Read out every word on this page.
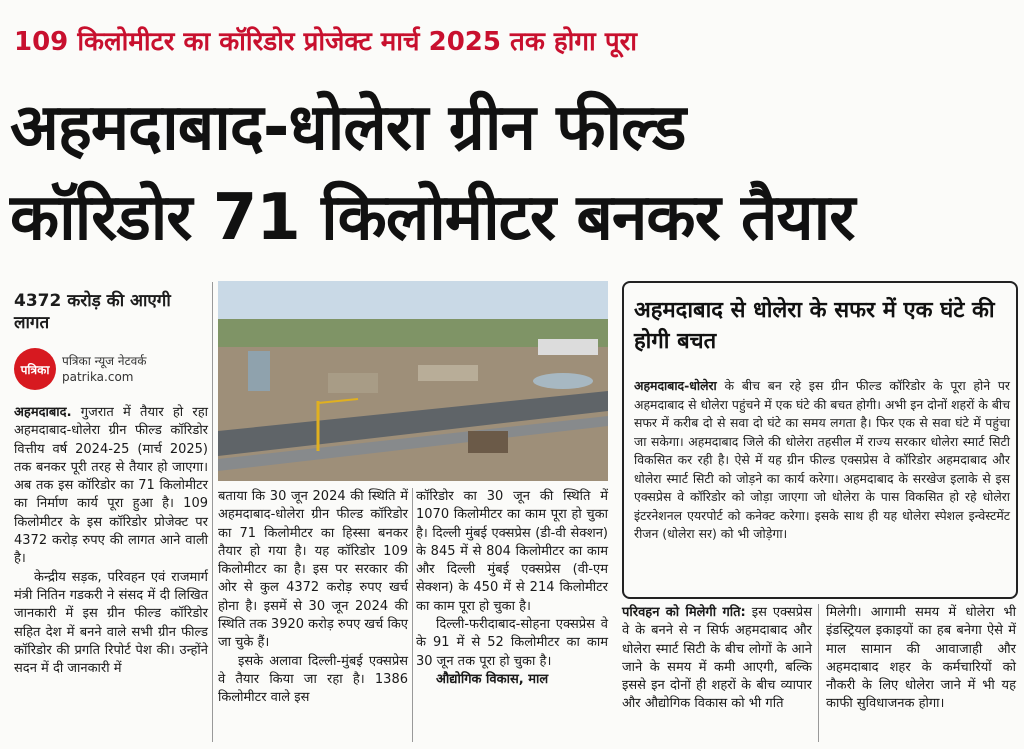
109 किलोमीटर का कॉरिडोर प्रोजेक्ट मार्च 2025 तक होगा पूरा
अहमदाबाद-धोलेरा ग्रीन फील्ड
कॉरिडोर 71 किलोमीटर बनकर तैयार
4372 करोड़ की आएगी लागत
पत्रिका
पत्रिका न्यूज नेटवर्क
patrika.com

अहमदाबाद. गुजरात में तैयार हो रहा अहमदाबाद-धोलेरा ग्रीन फील्ड कॉरिडोर वित्तीय वर्ष 2024-25 (मार्च 2025) तक बनकर पूरी तरह से तैयार हो जाएगा। अब तक इस कॉरिडोर का 71 किलोमीटर का निर्माण कार्य पूरा हुआ है। 109 किलोमीटर के इस कॉरिडोर प्रोजेक्ट पर 4372 करोड़ रुपए की लागत आने वाली है।

केन्द्रीय सड़क, परिवहन एवं राजमार्ग मंत्री नितिन गडकरी ने संसद में दी लिखित जानकारी में इस ग्रीन फील्ड कॉरिडोर सहित देश में बनने वाले सभी ग्रीन फील्ड कॉरिडोर की प्रगति रिपोर्ट पेश की। उन्होंने सदन में दी जानकारी में

बताया कि 30 जून 2024 की स्थिति में अहमदाबाद-धोलेरा ग्रीन फील्ड कॉरिडोर का 71 किलोमीटर का हिस्सा बनकर तैयार हो गया है। यह कॉरिडोर 109 किलोमीटर का है। इस पर सरकार की ओर से कुल 4372 करोड़ रुपए खर्च होना है। इसमें से 30 जून 2024 की स्थिति तक 3920 करोड़ रुपए खर्च किए जा चुके हैं।

इसके अलावा दिल्ली-मुंबई एक्सप्रेस वे तैयार किया जा रहा है। 1386 किलोमीटर वाले इस

कॉरिडोर का 30 जून की स्थिति में 1070 किलोमीटर का काम पूरा हो चुका है। दिल्ली मुंबई एक्सप्रेस (डी-वी सेक्शन) के 845 में से 804 किलोमीटर का काम और दिल्ली मुंबई एक्सप्रेस (वी-एम सेक्शन) के 450 में से 214 किलोमीटर का काम पूरा हो चुका है।

दिल्ली-फरीदाबाद-सोहना एक्सप्रेस वे के 91 में से 52 किलोमीटर का काम 30 जून तक पूरा हो चुका है।

औद्योगिक विकास, माल

अहमदाबाद से धोलेरा के सफर में एक घंटे की होगी बचत

अहमदाबाद-धोलेरा के बीच बन रहे इस ग्रीन फील्ड कॉरिडोर के पूरा होने पर अहमदाबाद से धोलेरा पहुंचने में एक घंटे की बचत होगी। अभी इन दोनों शहरों के बीच सफर में करीब दो से सवा दो घंटे का समय लगता है। फिर एक से सवा घंटे में पहुंचा जा सकेगा। अहमदाबाद जिले की धोलेरा तहसील में राज्य सरकार धोलेरा स्मार्ट सिटी विकसित कर रही है। ऐसे में यह ग्रीन फील्ड एक्सप्रेस वे कॉरिडोर अहमदाबाद और धोलेरा स्मार्ट सिटी को जोड़ने का कार्य करेगा। अहमदाबाद के सरखेज इलाके से इस एक्सप्रेस वे कॉरिडोर को जोड़ा जाएगा जो धोलेरा के पास विकसित हो रहे धोलेरा इंटरनेशनल एयरपोर्ट को कनेक्ट करेगा। इसके साथ ही यह धोलेरा स्पेशल इन्वेस्टमेंट रीजन (धोलेरा सर) को भी जोड़ेगा।

परिवहन को मिलेगी गति: इस एक्सप्रेस वे के बनने से न सिर्फ अहमदाबाद और धोलेरा स्मार्ट सिटी के बीच लोगों के आने जाने के समय में कमी आएगी, बल्कि इससे इन दोनों ही शहरों के बीच व्यापार और औद्योगिक विकास को भी गति

मिलेगी। आगामी समय में धोलेरा भी इंडस्ट्रियल इकाइयों का हब बनेगा ऐसे में माल सामान की आवाजाही और अहमदाबाद शहर के कर्मचारियों को नौकरी के लिए धोलेरा जाने में भी यह काफी सुविधाजनक होगा।
